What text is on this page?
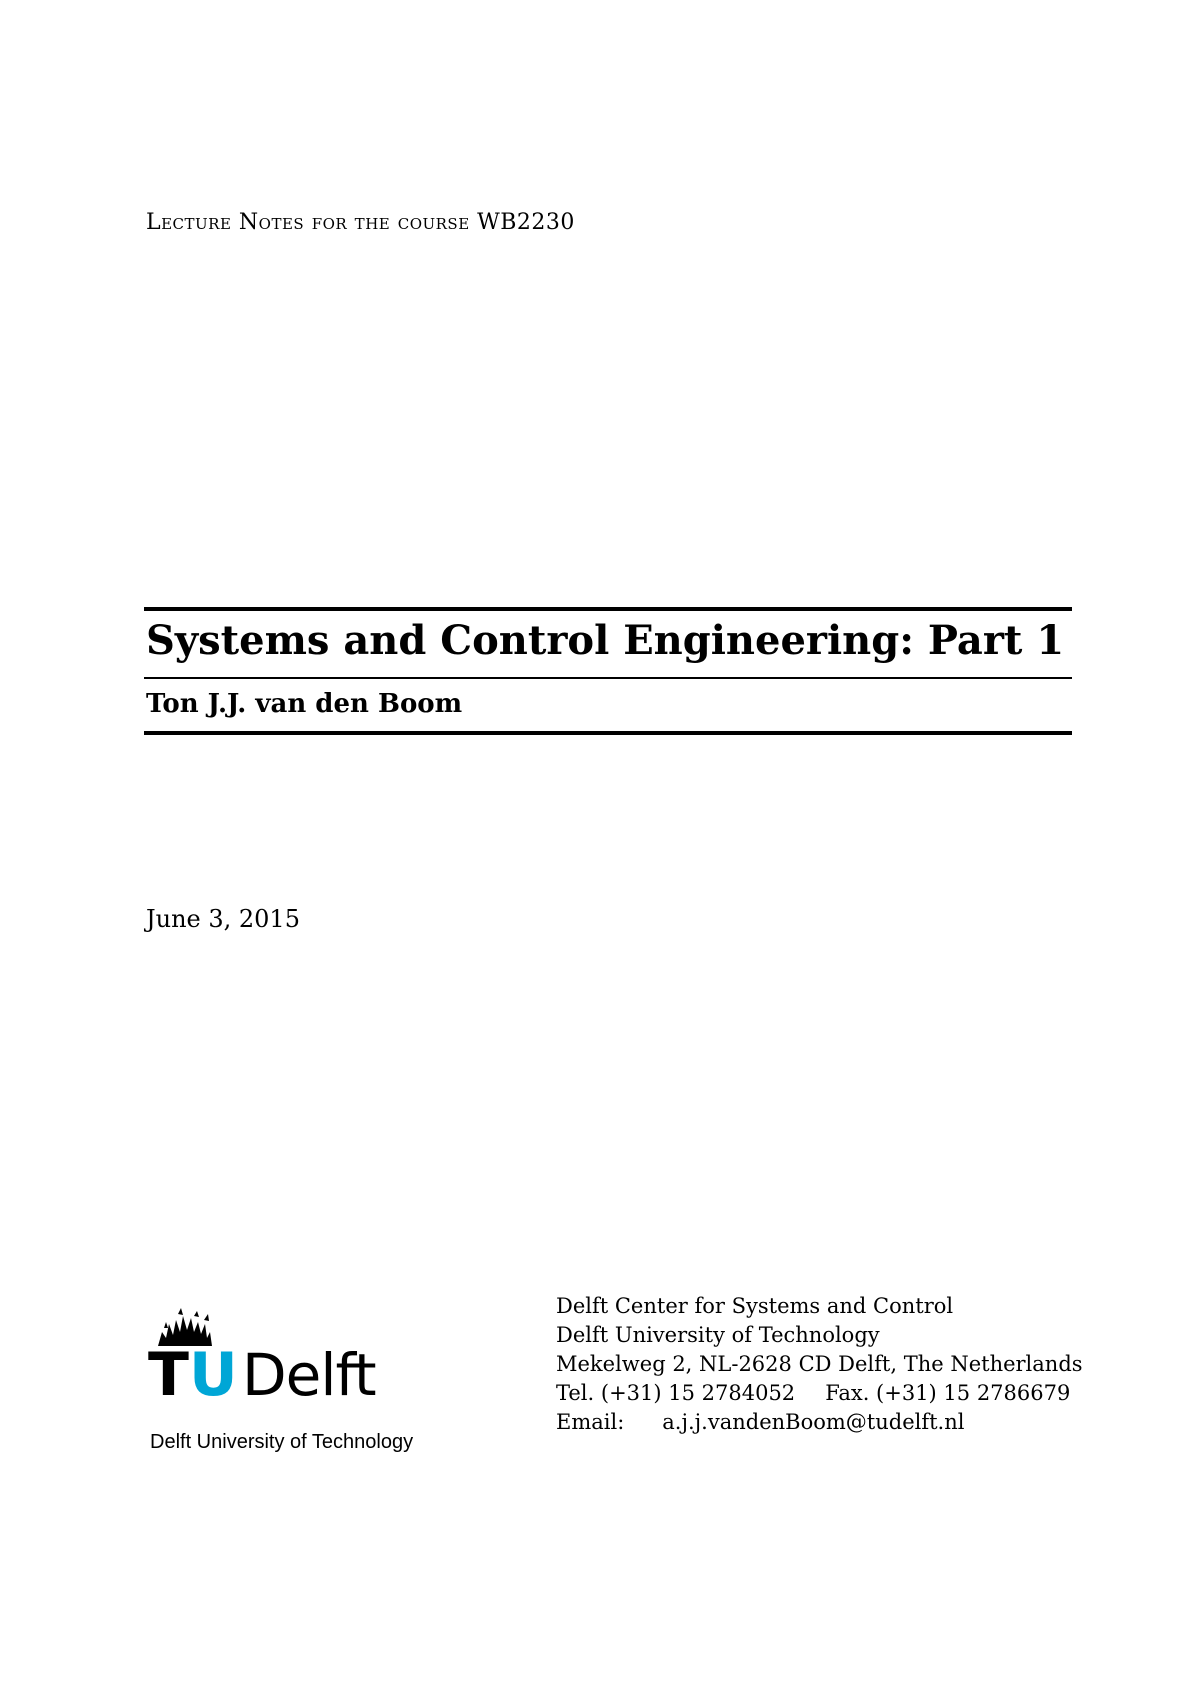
Lecture Notes for the course WB2230
Systems and Control Engineering: Part 1
Ton J.J. van den Boom
June 3, 2015
TU Delft
Delft University of Technology
Delft Center for Systems and Control
Delft University of Technology
Mekelweg 2, NL-2628 CD Delft, The Netherlands
Tel. (+31) 15 2784052 Fax. (+31) 15 2786679
Email: a.j.j.vandenBoom@tudelft.nl
